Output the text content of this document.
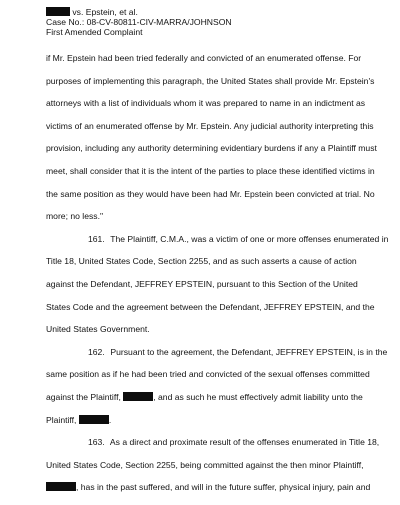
vs. Epstein, et al.
Case No.: 08-CV-80811-CIV-MARRA/JOHNSON
First Amended Complaint
if Mr. Epstein had been tried federally and convicted of an enumerated offense. For
purposes of implementing this paragraph, the United States shall provide Mr. Epstein's
attorneys with a list of individuals whom it was prepared to name in an indictment as
victims of an enumerated offense by Mr. Epstein. Any judicial authority interpreting this
provision, including any authority determining evidentiary burdens if any a Plaintiff must
meet, shall consider that it is the intent of the parties to place these identified victims in
the same position as they would have been had Mr. Epstein been convicted at trial. No
more; no less."
161. The Plaintiff, C.M.A., was a victim of one or more offenses enumerated in
Title 18, United States Code, Section 2255, and as such asserts a cause of action
against the Defendant, JEFFREY EPSTEIN, pursuant to this Section of the United
States Code and the agreement between the Defendant, JEFFREY EPSTEIN, and the
United States Government.
162. Pursuant to the agreement, the Defendant, JEFFREY EPSTEIN, is in the
same position as if he had been tried and convicted of the sexual offenses committed
against the Plaintiff,	, and as such he must effectively admit liability unto the
Plaintiff,	.
163. As a direct and proximate result of the offenses enumerated in Title 18,
United States Code, Section 2255, being committed against the then minor Plaintiff,
, has in the past suffered, and will in the future suffer, physical injury, pain and
